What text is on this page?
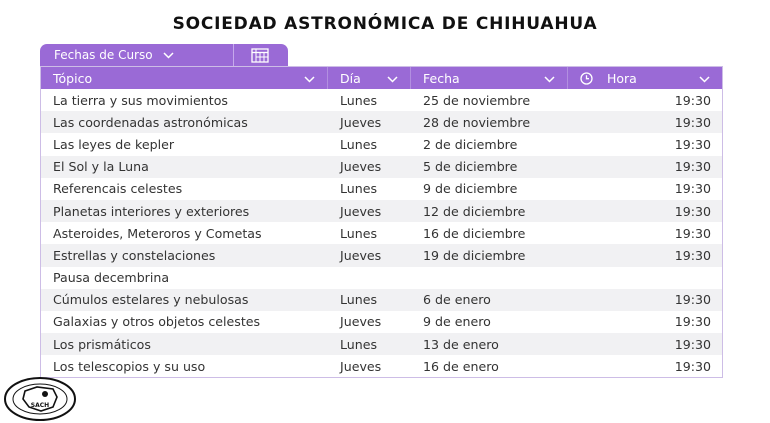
SOCIEDAD ASTRONÓMICA DE CHIHUAHUA
Fechas de Curso
Tópico	Día	Fecha	Hora
La tierra y sus movimientos	Lunes	25 de noviembre	19:30
Las coordenadas astronómicas	Jueves	28 de noviembre	19:30
Las leyes de kepler	Lunes	2 de diciembre	19:30
El Sol y la Luna	Jueves	5 de diciembre	19:30
Referencais celestes	Lunes	9 de diciembre	19:30
Planetas interiores y exteriores	Jueves	12 de diciembre	19:30
Asteroides, Meteroros y Cometas	Lunes	16 de diciembre	19:30
Estrellas y constelaciones	Jueves	19 de diciembre	19:30
Pausa decembrina
Cúmulos estelares y nebulosas	Lunes	6 de enero	19:30
Galaxias y otros objetos celestes	Jueves	9 de enero	19:30
Los prismáticos	Lunes	13 de enero	19:30
Los telescopios y su uso	Jueves	16 de enero	19:30
SACH
